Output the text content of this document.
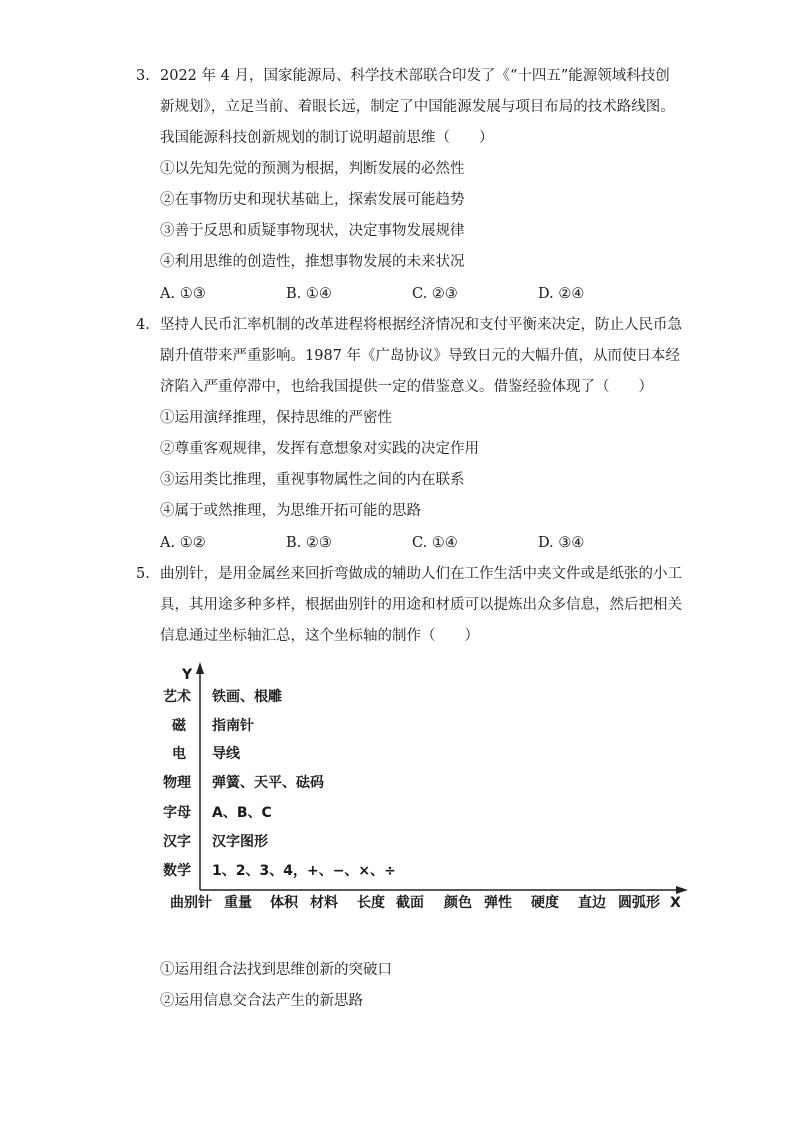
3. 2022 年 4 月，国家能源局、科学技术部联合印发了《“十四五”能源领域科技创
新规划》，立足当前、着眼长远，制定了中国能源发展与项目布局的技术路线图。
我国能源科技创新规划的制订说明超前思维（　　）
①以先知先觉的预测为根据，判断发展的必然性
②在事物历史和现状基础上，探索发展可能趋势
③善于反思和质疑事物现状，决定事物发展规律
④利用思维的创造性，推想事物发展的未来状况
A. ①③	B. ①④	C. ②③	D. ②④
4. 坚持人民币汇率机制的改革进程将根据经济情况和支付平衡来决定，防止人民币急
剧升值带来严重影响。1987 年《广岛协议》导致日元的大幅升值，从而使日本经
济陷入严重停滞中，也给我国提供一定的借鉴意义。借鉴经验体现了（　　）
①运用演绎推理，保持思维的严密性
②尊重客观规律，发挥有意想象对实践的决定作用
③运用类比推理，重视事物属性之间的内在联系
④属于或然推理，为思维开拓可能的思路
A. ①②	B. ②③	C. ①④	D. ③④
5. 曲别针，是用金属丝来回折弯做成的辅助人们在工作生活中夹文件或是纸张的小工
具，其用途多种多样，根据曲别针的用途和材质可以提炼出众多信息，然后把相关
信息通过坐标轴汇总，这个坐标轴的制作（　　）
Y
艺术 铁画、根雕
磁 指南针
电 导线
物理 弹簧、天平、砝码
字母 A、B、C
汉字 汉字图形
数学 1、2、3、4，+、−、×、÷
曲别针 重量 体积 材料 长度 截面 颜色 弹性 硬度 直边 圆弧形 X
①运用组合法找到思维创新的突破口
②运用信息交合法产生的新思路
